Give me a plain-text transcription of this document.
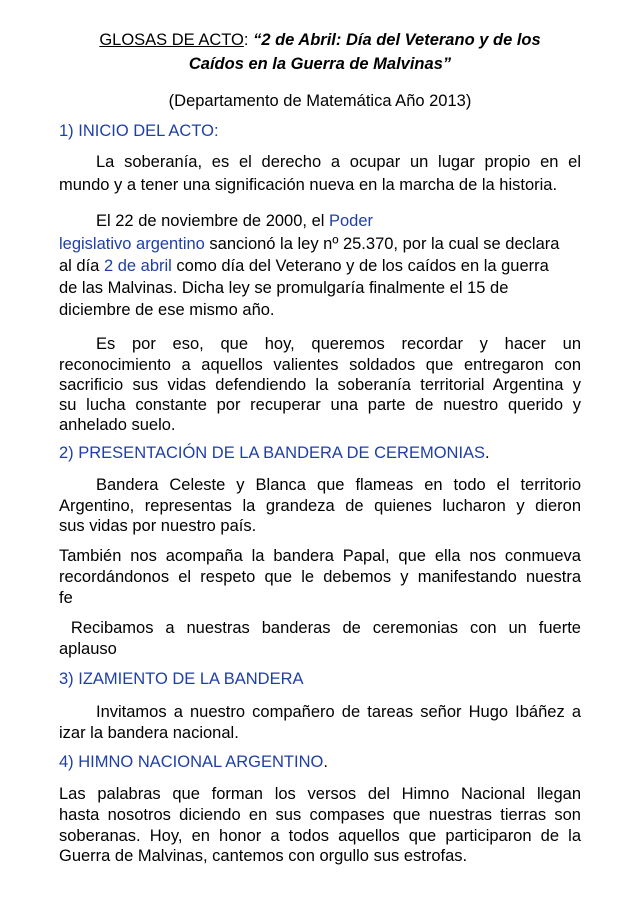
GLOSAS DE ACTO: “2 de Abril: Día del Veterano y de los
Caídos en la Guerra de Malvinas”
(Departamento de Matemática Año 2013)
1) INICIO DEL ACTO:
La soberanía, es el derecho a ocupar un lugar propio en el
mundo y a tener una significación nueva en la marcha de la historia.
El 22 de noviembre de 2000, el Poder
legislativo argentino sancionó la ley nº 25.370, por la cual se declara
al día 2 de abril como día del Veterano y de los caídos en la guerra
de las Malvinas. Dicha ley se promulgaría finalmente el 15 de
diciembre de ese mismo año.
Es por eso, que hoy, queremos recordar y hacer un
reconocimiento a aquellos valientes soldados que entregaron con
sacrificio sus vidas defendiendo la soberanía territorial Argentina y
su lucha constante por recuperar una parte de nuestro querido y
anhelado suelo.
2) PRESENTACIÓN DE LA BANDERA DE CEREMONIAS.
Bandera Celeste y Blanca que flameas en todo el territorio
Argentino, representas la grandeza de quienes lucharon y dieron
sus vidas por nuestro país.
También nos acompaña la bandera Papal, que ella nos conmueva
recordándonos el respeto que le debemos y manifestando nuestra
fe
Recibamos a nuestras banderas de ceremonias con un fuerte
aplauso
3) IZAMIENTO DE LA BANDERA
Invitamos a nuestro compañero de tareas señor Hugo Ibáñez a
izar la bandera nacional.
4) HIMNO NACIONAL ARGENTINO.
Las palabras que forman los versos del Himno Nacional llegan
hasta nosotros diciendo en sus compases que nuestras tierras son
soberanas. Hoy, en honor a todos aquellos que participaron de la
Guerra de Malvinas, cantemos con orgullo sus estrofas.
